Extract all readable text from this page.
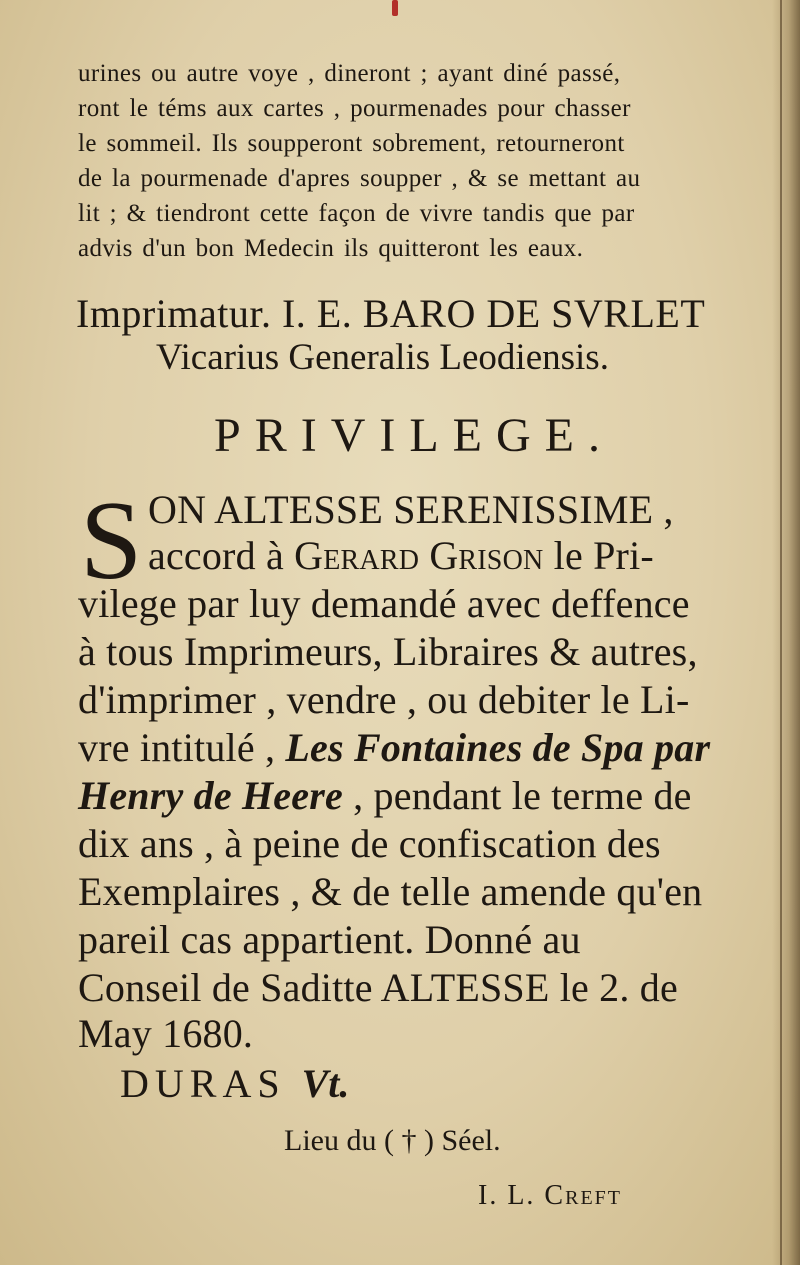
urines ou autre voye , dineront ; ayant diné passé,
ront le téms aux cartes , pourmenades pour chasser
le sommeil. Ils soupperont sobrement, retourneront
de la pourmenade d'apres soupper , & se mettant au
lit ; & tiendront cette façon de vivre tandis que par
advis d'un bon Medecin ils quitteront les eaux.
Imprimatur. I. E. BARO DE SVRLET
Vicarius Generalis Leodiensis.
PRIVILEGE.
S ON ALTESSE SERENISSIME ,
accord à Gerard Grison le Pri-
vilege par luy demandé avec deffence
à tous Imprimeurs, Libraires & autres,
d'imprimer , vendre , ou debiter le Li-
vre intitulé , Les Fontaines de Spa par
Henry de Heere , pendant le terme de
dix ans , à peine de confiscation des
Exemplaires , & de telle amende qu'en
pareil cas appartient. Donné au
Conseil de Saditte ALTESSE le 2. de
May 1680.
DURAS Vt.
Lieu du ( † ) Séel.
I. L. Creft
